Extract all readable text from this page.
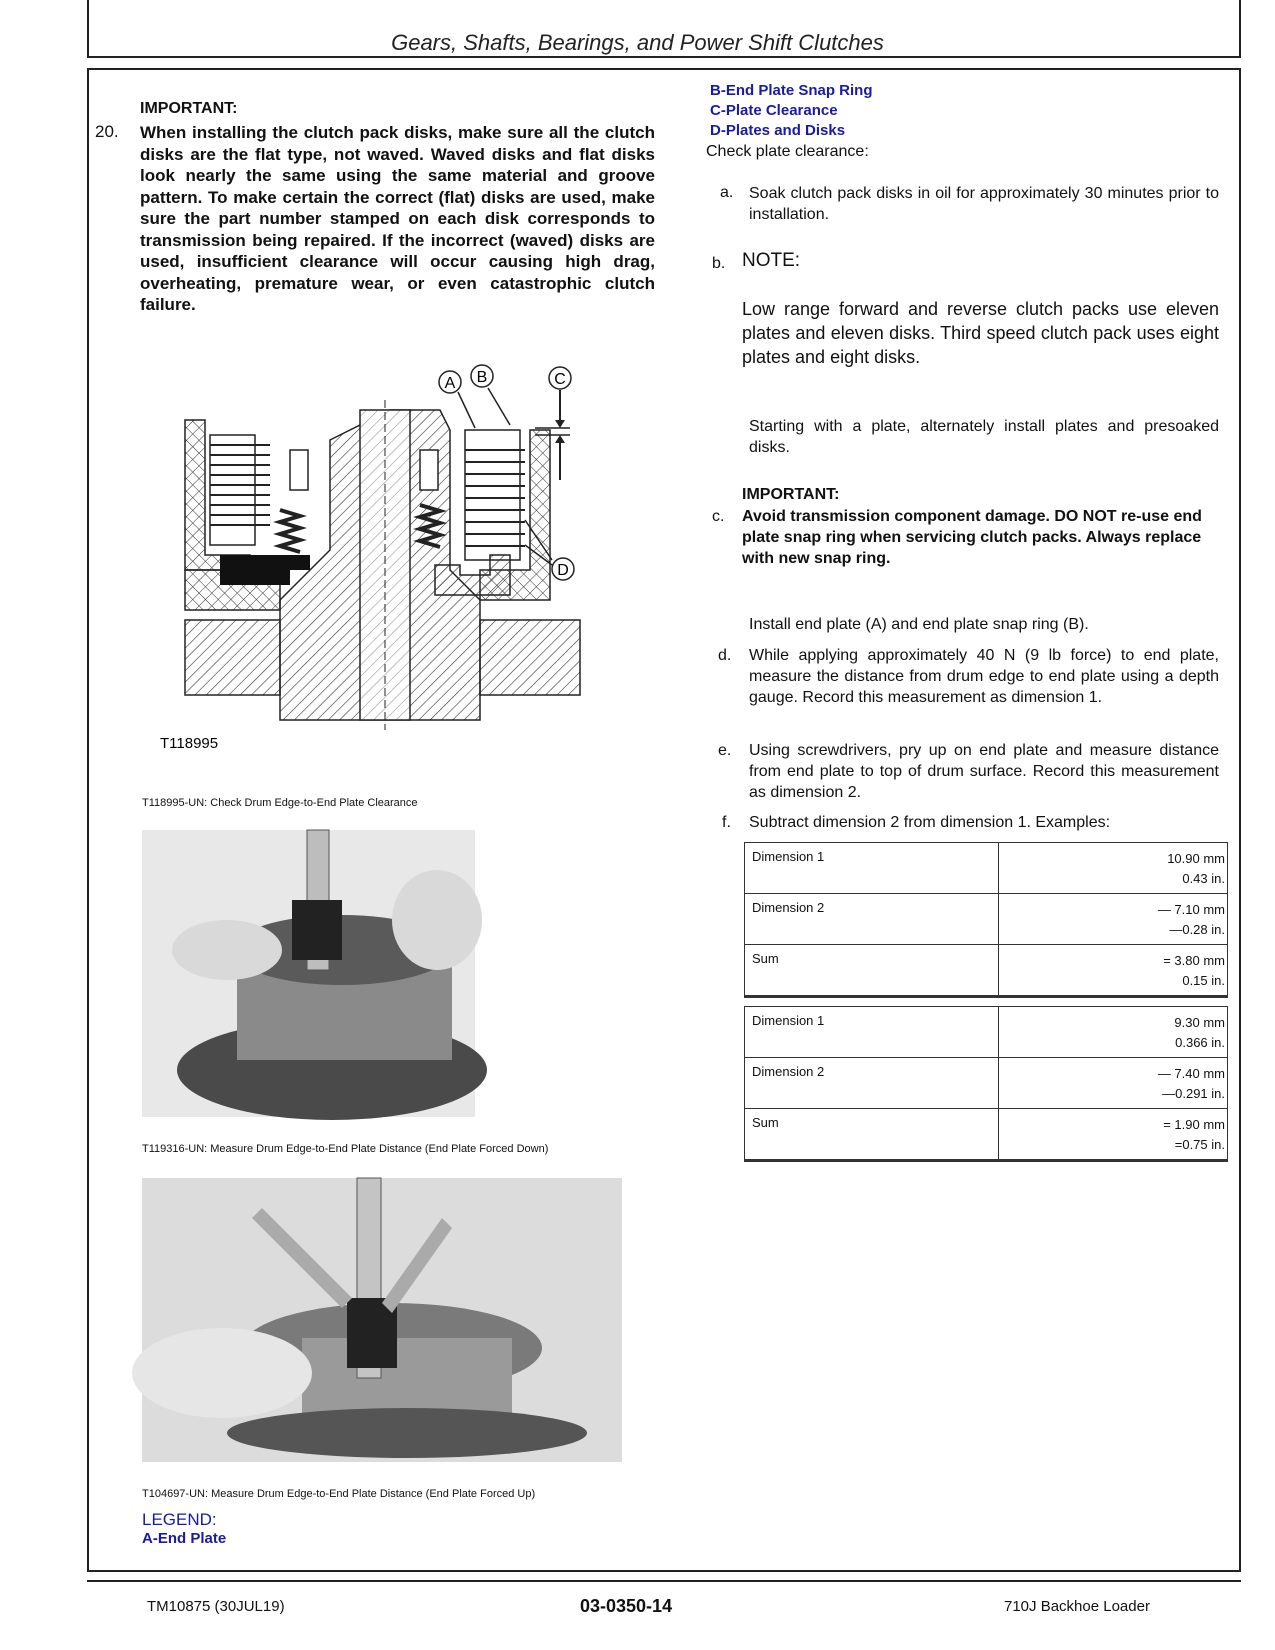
Gears, Shafts, Bearings, and Power Shift Clutches
IMPORTANT:
20. When installing the clutch pack disks, make sure all the clutch disks are the flat type, not waved. Waved disks and flat disks look nearly the same using the same material and groove pattern. To make certain the correct (flat) disks are used, make sure the part number stamped on each disk corresponds to transmission being repaired. If the incorrect (waved) disks are used, insufficient clearance will occur causing high drag, overheating, premature wear, or even catastrophic clutch failure.
A B	C
D
T118995
T118995-UN: Check Drum Edge-to-End Plate Clearance
T119316-UN: Measure Drum Edge-to-End Plate Distance (End Plate Forced Down)
T104697-UN: Measure Drum Edge-to-End Plate Distance (End Plate Forced Up)
LEGEND:
A-End Plate
B-End Plate Snap Ring
C-Plate Clearance
D-Plates and Disks
Check plate clearance:
a. Soak clutch pack disks in oil for approximately 30 minutes prior to installation.
b. NOTE:
Low range forward and reverse clutch packs use eleven plates and eleven disks. Third speed clutch pack uses eight plates and eight disks.
Starting with a plate, alternately install plates and presoaked disks.
IMPORTANT:
c. Avoid transmission component damage. DO NOT re-use end plate snap ring when servicing clutch packs. Always replace with new snap ring.
Install end plate (A) and end plate snap ring (B).
d. While applying approximately 40 N (9 lb force) to end plate, measure the distance from drum edge to end plate using a depth gauge. Record this measurement as dimension 1.
e. Using screwdrivers, pry up on end plate and measure distance from end plate to top of drum surface. Record this measurement as dimension 2.
f. Subtract dimension 2 from dimension 1. Examples:
Dimension 1	10.90 mm
0.43 in.

Dimension 2	— 7.10 mm
—0.28 in.

Sum	= 3.80 mm
0.15 in.
Dimension 1	9.30 mm
0.366 in.

Dimension 2	— 7.40 mm
—0.291 in.

Sum	= 1.90 mm
=0.75 in.
TM10875 (30JUL19)	03-0350-14	710J Backhoe Loader
